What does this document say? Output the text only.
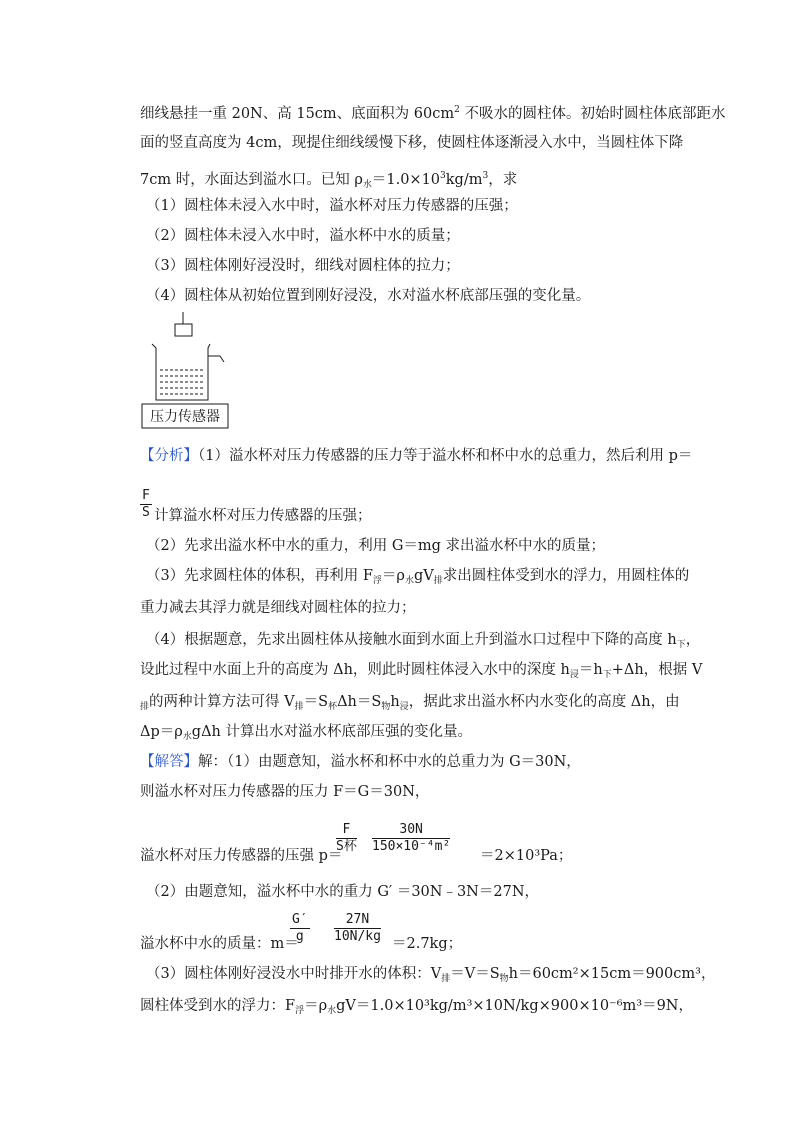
细线悬挂一重 20N、高 15cm、底面积为 $60cm^2$ 不吸水的圆柱体。初始时圆柱体底部距水
面的竖直高度为 4cm，现提住细线缓慢下移，使圆柱体逐渐浸入水中，当圆柱体下降
7cm 时，水面达到溢水口。已知 $\rho_水=1.0\times 10^3kg/m^3$，求
（1）圆柱体未浸入水中时，溢水杯对压力传感器的压强；
（2）圆柱体未浸入水中时，溢水杯中水的质量；
（3）圆柱体刚好浸没时，细线对圆柱体的拉力；
（4）圆柱体从初始位置到刚好浸没，水对溢水杯底部压强的变化量。
压力传感器
【分析】（1）溢水杯对压力传感器的压力等于溢水杯和杯中水的总重力，然后利用 p＝
$\frac{F}{S}$ 计算溢水杯对压力传感器的压强；
（2）先求出溢水杯中水的重力，利用 G＝mg 求出溢水杯中水的质量；
（3）先求圆柱体的体积，再利用 $F_浮=\rho_水gV_排$求出圆柱体受到水的浮力，用圆柱体的
重力减去其浮力就是细线对圆柱体的拉力；
（4）根据题意，先求出圆柱体从接触水面到水面上升到溢水口过程中下降的高度 $h_下$，
设此过程中水面上升的高度为 Δh，则此时圆柱体浸入水中的深度 $h_浸=h_下+\Delta h$，根据 V
$_排$的两种计算方法可得 $V_排=S_杯\Delta h=S_物h_浸$，据此求出溢水杯内水变化的高度 Δh，由
$\Delta p=\rho_水g\Delta h$ 计算出水对溢水杯底部压强的变化量。
【解答】解：（1）由题意知，溢水杯和杯中水的总重力为 G＝30N，
则溢水杯对压力传感器的压力 F＝G＝30N，
溢水杯对压力传感器的压强 p＝
F
S杯 $\frac{30N}{\text{150×10⁻⁴m²}}$
＝2×10³Pa；
（2）由题意知，溢水杯中水的重力 G′ ＝30N﹣3N＝27N，
溢水杯中水的质量：m＝
$\frac{G'}{g} \frac{27N}{10N/kg} =2.7kg$；
（3）圆柱体刚好浸没水中时排开水的体积：$V_排=V=S_物h=60cm^2\times 15cm=900cm^3$，
圆柱体受到水的浮力：$F_浮=\rho_水gV=1.0\times 10^3kg/m^3\times 10N/kg\times 900\times 10^{-6}m^3=9N$，
